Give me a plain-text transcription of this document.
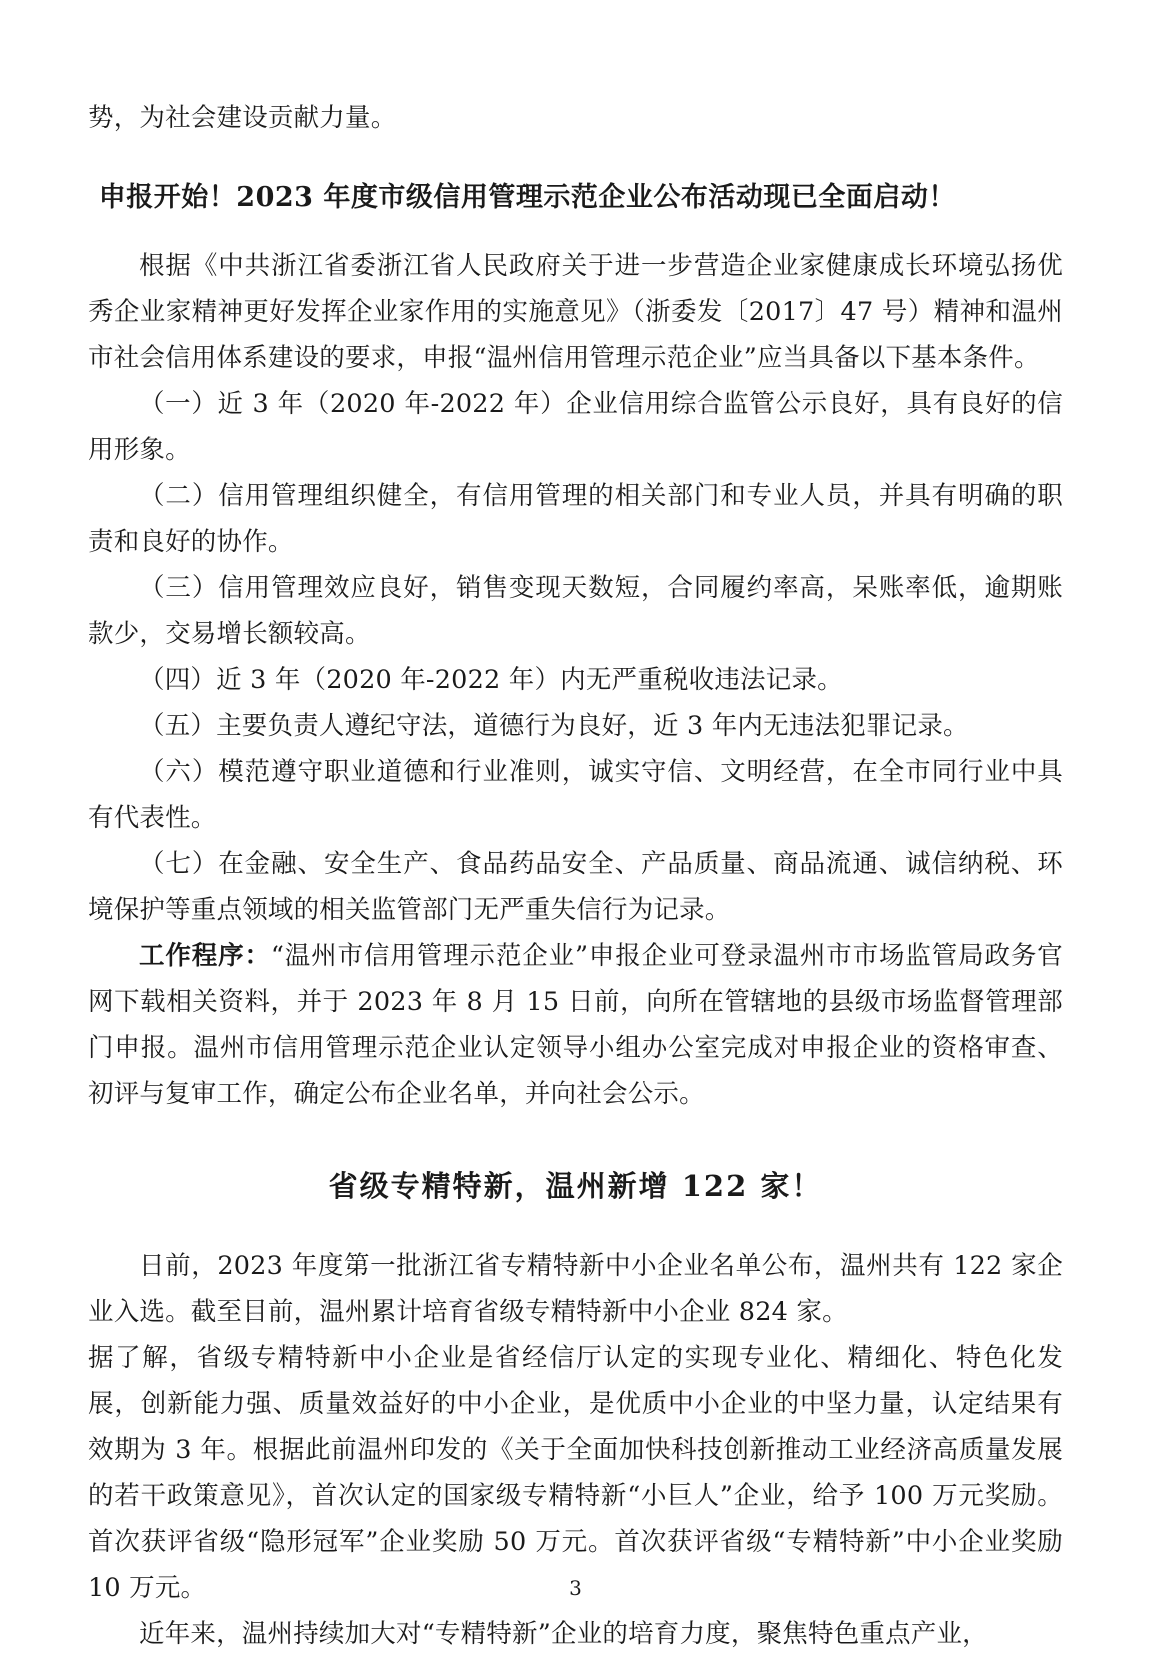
势，为社会建设贡献力量。

申报开始！2023 年度市级信用管理示范企业公布活动现已全面启动！

根据《中共浙江省委浙江省人民政府关于进一步营造企业家健康成长环境弘扬优秀企业家精神更好发挥企业家作用的实施意见》（浙委发〔2017〕47 号）精神和温州市社会信用体系建设的要求，申报“温州信用管理示范企业”应当具备以下基本条件。

（一）近 3 年（2020 年-2022 年）企业信用综合监管公示良好，具有良好的信用形象。

（二）信用管理组织健全，有信用管理的相关部门和专业人员，并具有明确的职责和良好的协作。

（三）信用管理效应良好，销售变现天数短，合同履约率高，呆账率低，逾期账款少，交易增长额较高。

（四）近 3 年（2020 年-2022 年）内无严重税收违法记录。

（五）主要负责人遵纪守法，道德行为良好，近 3 年内无违法犯罪记录。

（六）模范遵守职业道德和行业准则，诚实守信、文明经营，在全市同行业中具有代表性。

（七）在金融、安全生产、食品药品安全、产品质量、商品流通、诚信纳税、环境保护等重点领域的相关监管部门无严重失信行为记录。

工作程序：“温州市信用管理示范企业”申报企业可登录温州市市场监管局政务官网下载相关资料，并于 2023 年 8 月 15 日前，向所在管辖地的县级市场监督管理部门申报。温州市信用管理示范企业认定领导小组办公室完成对申报企业的资格审查、初评与复审工作，确定公布企业名单，并向社会公示。

省级专精特新，温州新增 122 家！

日前，2023 年度第一批浙江省专精特新中小企业名单公布，温州共有 122 家企业入选。截至目前，温州累计培育省级专精特新中小企业 824 家。

据了解，省级专精特新中小企业是省经信厅认定的实现专业化、精细化、特色化发展，创新能力强、质量效益好的中小企业，是优质中小企业的中坚力量，认定结果有效期为 3 年。根据此前温州印发的《关于全面加快科技创新推动工业经济高质量发展的若干政策意见》，首次认定的国家级专精特新“小巨人”企业，给予 100 万元奖励。首次获评省级“隐形冠军”企业奖励 50 万元。首次获评省级“专精特新”中小企业奖励 10 万元。

近年来，温州持续加大对“专精特新”企业的培育力度，聚焦特色重点产业，

3
